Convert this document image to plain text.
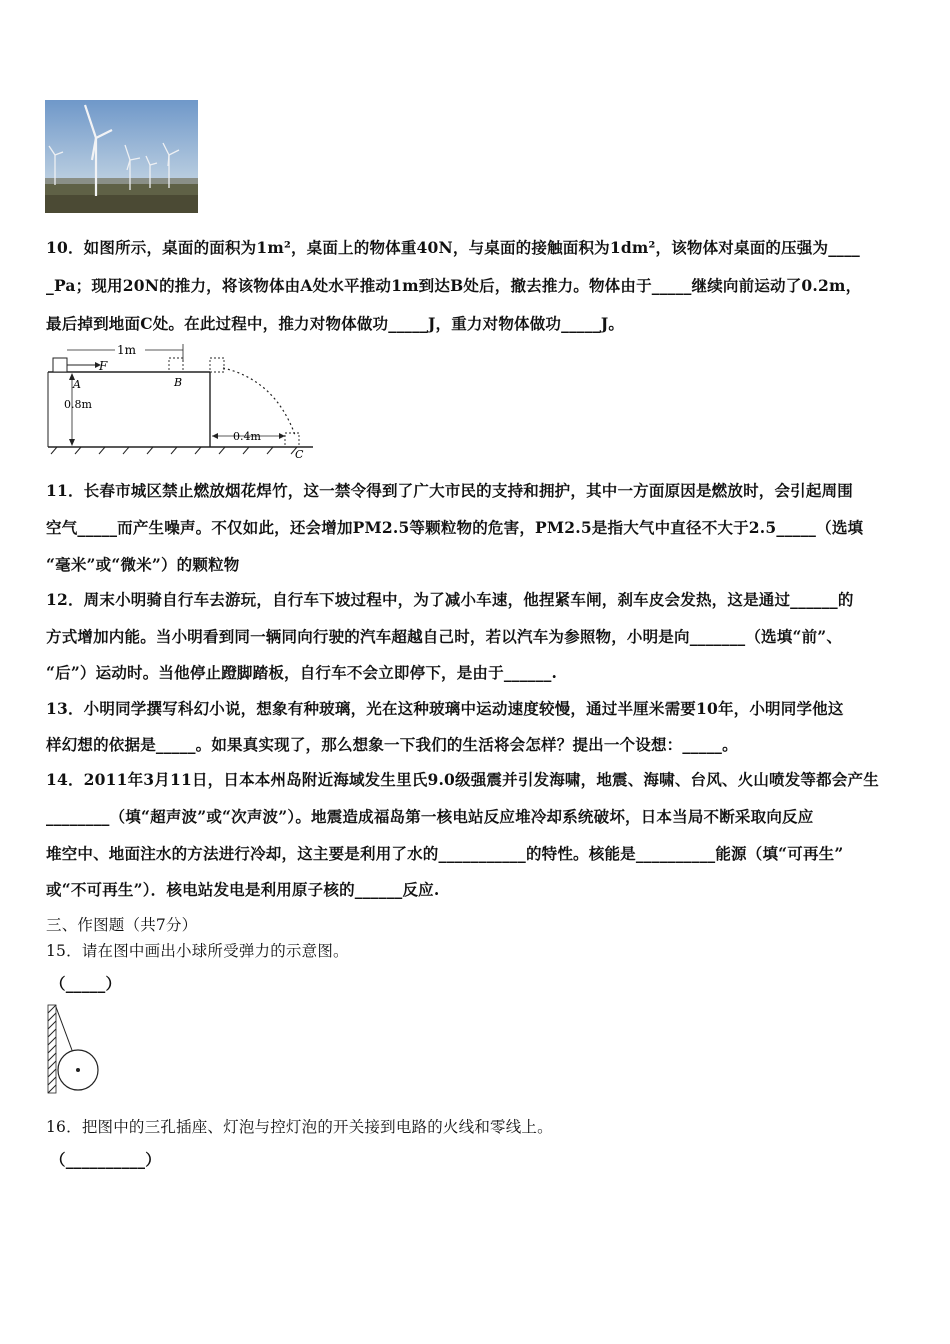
10．如图所示，桌面的面积为1m²，桌面上的物体重40N，与桌面的接触面积为1dm²，该物体对桌面的压强为____
_Pa；现用20N的推力，将该物体由A处水平推动1m到达B处后，撤去推力。物体由于_____继续向前运动了0.2m，
最后掉到地面C处。在此过程中，推力对物体做功_____J，重力对物体做功_____J。
1m
F
A	B
C
0.8m
0.4m
11．长春市城区禁止燃放烟花焊竹，这一禁令得到了广大市民的支持和拥护，其中一方面原因是燃放时，会引起周围
空气_____而产生噪声。不仅如此，还会增加PM2.5等颗粒物的危害，PM2.5是指大气中直径不大于2.5_____（选填
“毫米”或“微米”）的颗粒物
12．周末小明骑自行车去游玩，自行车下坡过程中，为了减小车速，他捏紧车闸，刹车皮会发热，这是通过______的
方式增加内能。当小明看到同一辆同向行驶的汽车超越自己时，若以汽车为参照物，小明是向_______（选填“前”、
“后”）运动时。当他停止蹬脚踏板，自行车不会立即停下，是由于______.
13．小明同学撰写科幻小说，想象有种玻璃，光在这种玻璃中运动速度较慢，通过半厘米需要10年，小明同学他这
样幻想的依据是_____。如果真实现了，那么想象一下我们的生活将会怎样？提出一个设想：_____。
14．2011年3月11日，日本本州岛附近海域发生里氏9.0级强震并引发海啸，地震、海啸、台风、火山喷发等都会产生
________（填“超声波”或“次声波”）。地震造成福岛第一核电站反应堆冷却系统破坏，日本当局不断采取向反应
堆空中、地面注水的方法进行冷却，这主要是利用了水的___________的特性。核能是__________能源（填“可再生”
或“不可再生”）．核电站发电是利用原子核的______反应.
三、作图题（共7分）
15．请在图中画出小球所受弹力的示意图。
（_____）
16．把图中的三孔插座、灯泡与控灯泡的开关接到电路的火线和零线上。
（__________）
